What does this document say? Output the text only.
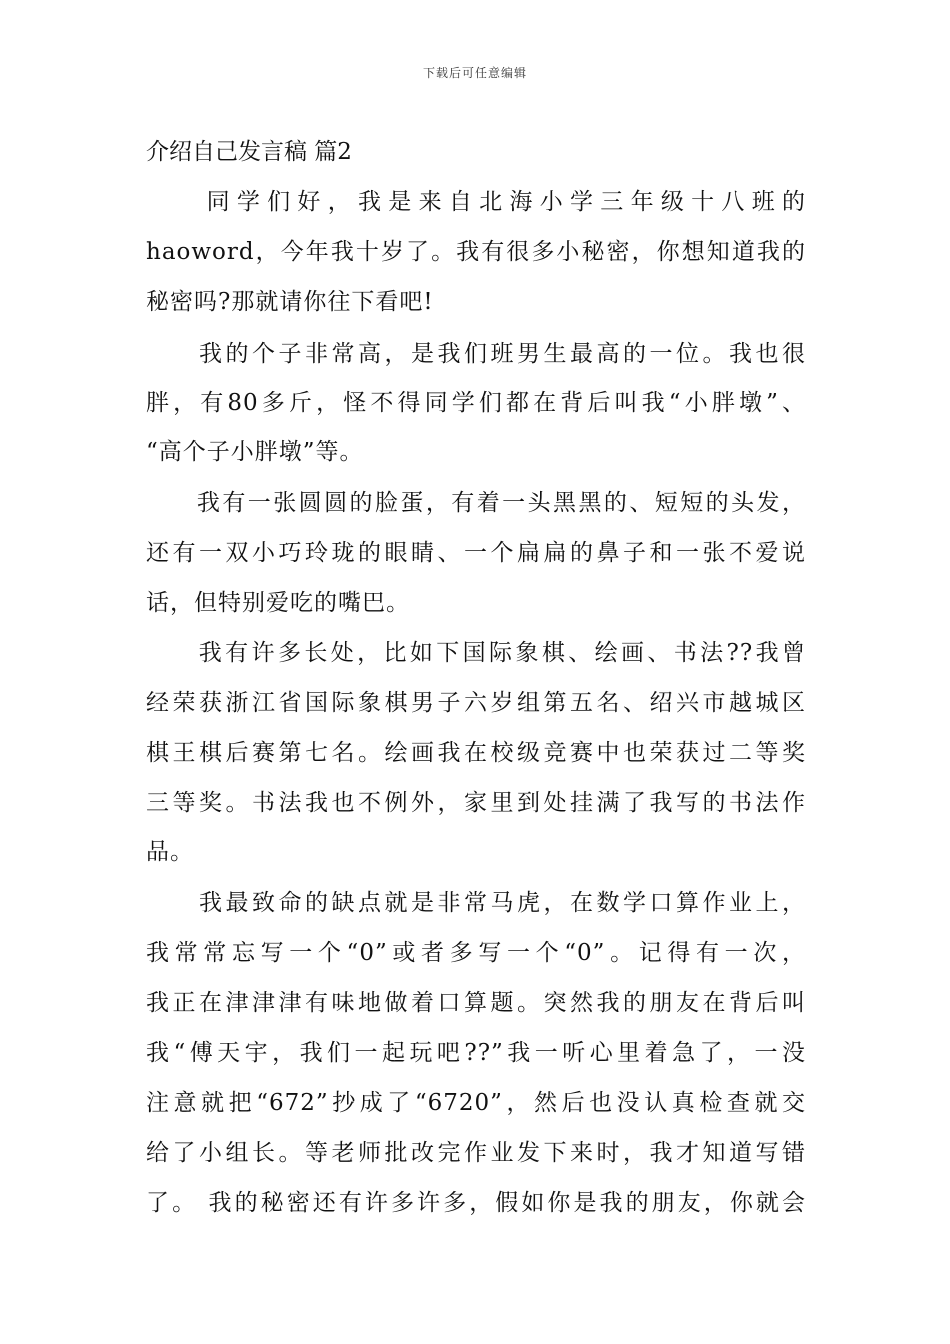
下载后可任意编辑
介绍自己发言稿 篇2
　　同学们好，我是来自北海小学三年级十八班的
haoword，今年我十岁了。我有很多小秘密，你想知道我的
秘密吗?那就请你往下看吧!
　　我的个子非常高，是我们班男生最高的一位。我也很
胖，有80多斤，怪不得同学们都在背后叫我“小胖墩”、
“高个子小胖墩”等。
　　我有一张圆圆的脸蛋，有着一头黑黑的、短短的头发，
还有一双小巧玲珑的眼睛、一个扁扁的鼻子和一张不爱说
话，但特别爱吃的嘴巴。
　　我有许多长处，比如下国际象棋、绘画、书法??我曾
经荣获浙江省国际象棋男子六岁组第五名、绍兴市越城区
棋王棋后赛第七名。绘画我在校级竞赛中也荣获过二等奖
三等奖。书法我也不例外，家里到处挂满了我写的书法作
品。
　　我最致命的缺点就是非常马虎，在数学口算作业上，
我常常忘写一个“0”或者多写一个“0”。记得有一次，
我正在津津津有味地做着口算题。突然我的朋友在背后叫
我“傅天宇，我们一起玩吧??”我一听心里着急了，一没
注意就把“672”抄成了“6720”，然后也没认真检查就交
给了小组长。等老师批改完作业发下来时，我才知道写错
了。 我的秘密还有许多许多，假如你是我的朋友，你就会
